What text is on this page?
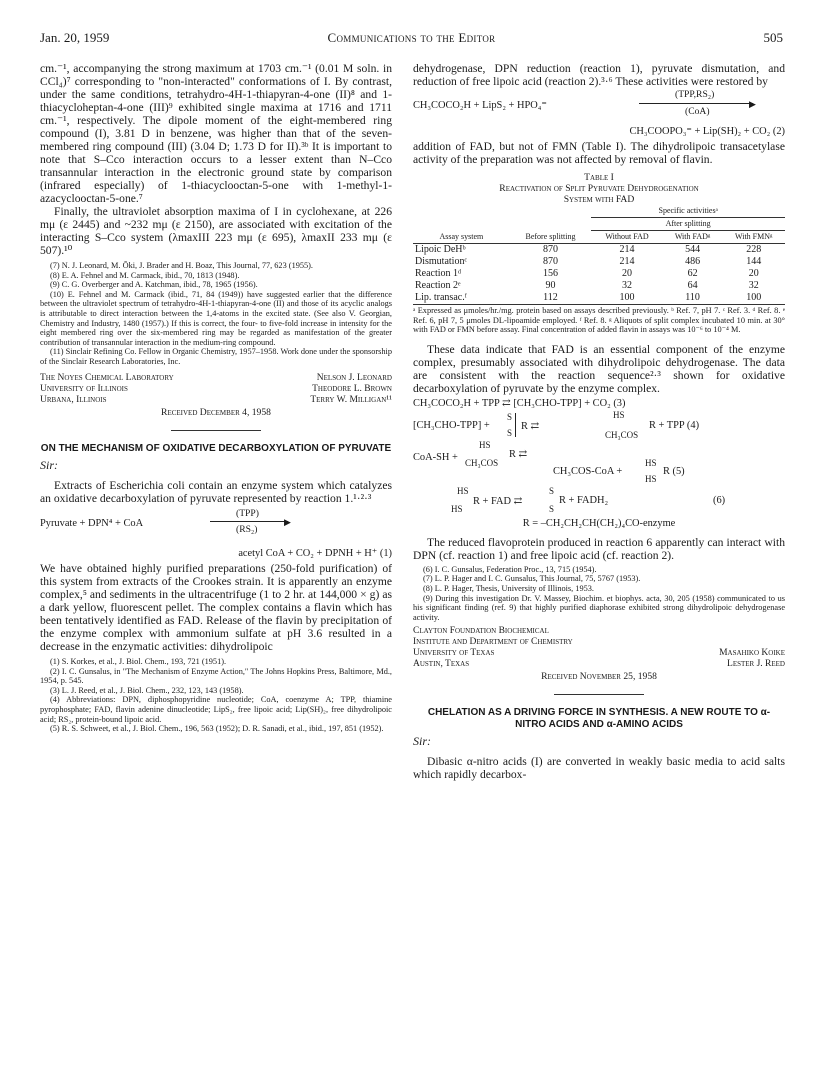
Jan. 20, 1959	Communications to the Editor	505

cm.⁻¹, accompanying the strong maximum at 1703 cm.⁻¹ (0.01 M soln. in CCl₄)⁷ corresponding to "non-interacted" conformations of I. By contrast, under the same conditions, tetrahydro-4H-1-thiapyran-4-one (II)⁸ and 1-thiacycloheptan-4-one (III)⁹ exhibited single maxima at 1716 and 1711 cm.⁻¹, respectively. The dipole moment of the eight-membered ring compound (I), 3.81 D in benzene, was higher than that of the seven-membered ring compound (III) (3.04 D; 1.73 D for II).³ᵇ It is important to note that S–Cco interaction occurs to a lesser extent than N–Cco transannular interaction in the electronic ground state by comparison (infrared especially) of 1-thiacyclooctan-5-one with 1-methyl-1-azacyclooctan-5-one.⁷

Finally, the ultraviolet absorption maxima of I in cyclohexane, at 226 mμ (ε 2445) and ~232 mμ (ε 2150), are associated with excitation of the interacting S–Cco system (λmaxIII 223 mμ (ε 695), λmaxII 233 mμ (ε 507).¹⁰

(7) N. J. Leonard, M. Ōki, J. Brader and H. Boaz, This Journal, 77, 623 (1955).

(8) E. A. Fehnel and M. Carmack, ibid., 70, 1813 (1948).

(9) C. G. Overberger and A. Katchman, ibid., 78, 1965 (1956).

(10) E. Fehnel and M. Carmack (ibid., 71, 84 (1949)) have suggested earlier that the difference between the ultraviolet spectrum of tetrahydro-4H-1-thiapyran-4-one (II) and those of its acyclic analogs is attributable to direct interaction between the 1,4-atoms in the excited state. (See also V. Georgian, Chemistry and Industry, 1480 (1957).) If this is correct, the four- to five-fold increase in intensity for the eight membered ring over the six-membered ring may be regarded as manifestation of the greater contribution of transannular interaction in the medium-ring compound.

(11) Sinclair Refining Co. Fellow in Organic Chemistry, 1957–1958. Work done under the sponsorship of the Sinclair Research Laboratories, Inc.

The Noyes Chemical Laboratory	Nelson J. Leonard
University of Illinois	Theodore L. Brown
Urbana, Illinois	Terry W. Milligan¹¹

Received December 4, 1958

ON THE MECHANISM OF OXIDATIVE DECARBOXYLATION OF PYRUVATE

Sir:

Extracts of Escherichia coli contain an enzyme system which catalyzes an oxidative decarboxylation of pyruvate represented by reaction 1.¹·²·³

Pyruvate + DPN⁴ + CoA
(TPP)
▶
(RS₂)
acetyl CoA + CO₂ + DPNH + H⁺ (1)

We have obtained highly purified preparations (250-fold purification) of this system from extracts of the Crookes strain. It is apparently an enzyme complex,⁵ and sediments in the ultracentrifuge (1 to 2 hr. at 144,000 × g) as a dark yellow, fluorescent pellet. The complex contains a flavin which has been tentatively identified as FAD. Release of the flavin by precipitation of the enzyme complex with ammonium sulfate at pH 3.6 resulted in a decrease in the enzymatic activities: dihydrolipoic

(1) S. Korkes, et al., J. Biol. Chem., 193, 721 (1951).

(2) I. C. Gunsalus, in "The Mechanism of Enzyme Action," The Johns Hopkins Press, Baltimore, Md., 1954, p. 545.

(3) L. J. Reed, et al., J. Biol. Chem., 232, 123, 143 (1958).

(4) Abbreviations: DPN, diphosphopyridine nucleotide; CoA, coenzyme A; TPP, thiamine pyrophosphate; FAD, flavin adenine dinucleotide; LipS₂, free lipoic acid; Lip(SH)₂, free dihydrolipoic acid; RS₂, protein-bound lipoic acid.

(5) R. S. Schweet, et al., J. Biol. Chem., 196, 563 (1952); D. R. Sanadi, et al., ibid., 197, 851 (1952).

dehydrogenase, DPN reduction (reaction 1), pyruvate dismutation, and reduction of free lipoic acid (reaction 2).³·⁶ These activities were restored by

CH₃COCO₂H + LipS₂ + HPO₄⁼
(TPP,RS₂)
▶
(CoA)
CH₃COOPO₃⁼ + Lip(SH)₂ + CO₂ (2)

addition of FAD, but not of FMN (Table I). The dihydrolipoic transacetylase activity of the preparation was not affected by removal of flavin.

Table I
Reactivation of Split Pyruvate Dehydrogenation
System with FAD
		Specific activitiesᵃ		
		After splitting		
Assay system	Before splitting	Without FAD	With FADᵍ	With FMNᵍ
Lipoic DeHᵇ	870	214	544	228
Dismutationᶜ	870	214	486	144
Reaction 1ᵈ	156	20	62	20
Reaction 2ᵉ	90	32	64	32
Lip. transac.ᶠ	112	100	110	100
ᵃ Expressed as μmoles/hr./mg. protein based on assays described previously. ᵇ Ref. 7, pH 7. ᶜ Ref. 3. ᵈ Ref. 8. ᵉ Ref. 6, pH 7, 5 μmoles DL-lipoamide employed. ᶠ Ref. 8. ᵍ Aliquots of split complex incubated 10 min. at 30° with FAD or FMN before assay. Final concentration of added flavin in assays was 10⁻⁶ to 10⁻⁴ M.

These data indicate that FAD is an essential component of the enzyme complex, presumably associated with dihydrolipoic dehydrogenase. The data are consistent with the reaction sequence²·³ shown for oxidative decarboxylation of pyruvate by the enzyme complex.

CH₃COCO₂H + TPP ⇄ [CH₃CHO-TPP] + CO₂ (3)
[CH₃CHO-TPP] +
S
S
R ⇄
HS
CH₃COS
R + TPP (4)
CoA-SH +
HS
CH₃COS
R ⇄
CH₃COS-CoA +
HS
HS
R (5)
HS
HS
R + FAD ⇄
S
S
R + FADH₂	(6)
R = –CH₂CH₂CH(CH₂)₄CO-enzyme

The reduced flavoprotein produced in reaction 6 apparently can interact with DPN (cf. reaction 1) and free lipoic acid (cf. reaction 2).

(6) I. C. Gunsalus, Federation Proc., 13, 715 (1954).

(7) L. P. Hager and I. C. Gunsalus, This Journal, 75, 5767 (1953).

(8) L. P. Hager, Thesis, University of Illinois, 1953.

(9) During this investigation Dr. V. Massey, Biochim. et biophys. acta, 30, 205 (1958) communicated to us his significant finding (ref. 9) that highly purified diaphorase exhibited strong dihydrolipoic dehydrogenase activity.

Clayton Foundation Biochemical
Institute and Department of Chemistry
University of Texas	Masahiko Koike
Austin, Texas	Lester J. Reed

Received November 25, 1958

CHELATION AS A DRIVING FORCE IN SYNTHESIS. A NEW ROUTE TO α-NITRO ACIDS AND α-AMINO ACIDS

Sir:

Dibasic α-nitro acids (I) are converted in weakly basic media to acid salts which rapidly decarbox-
